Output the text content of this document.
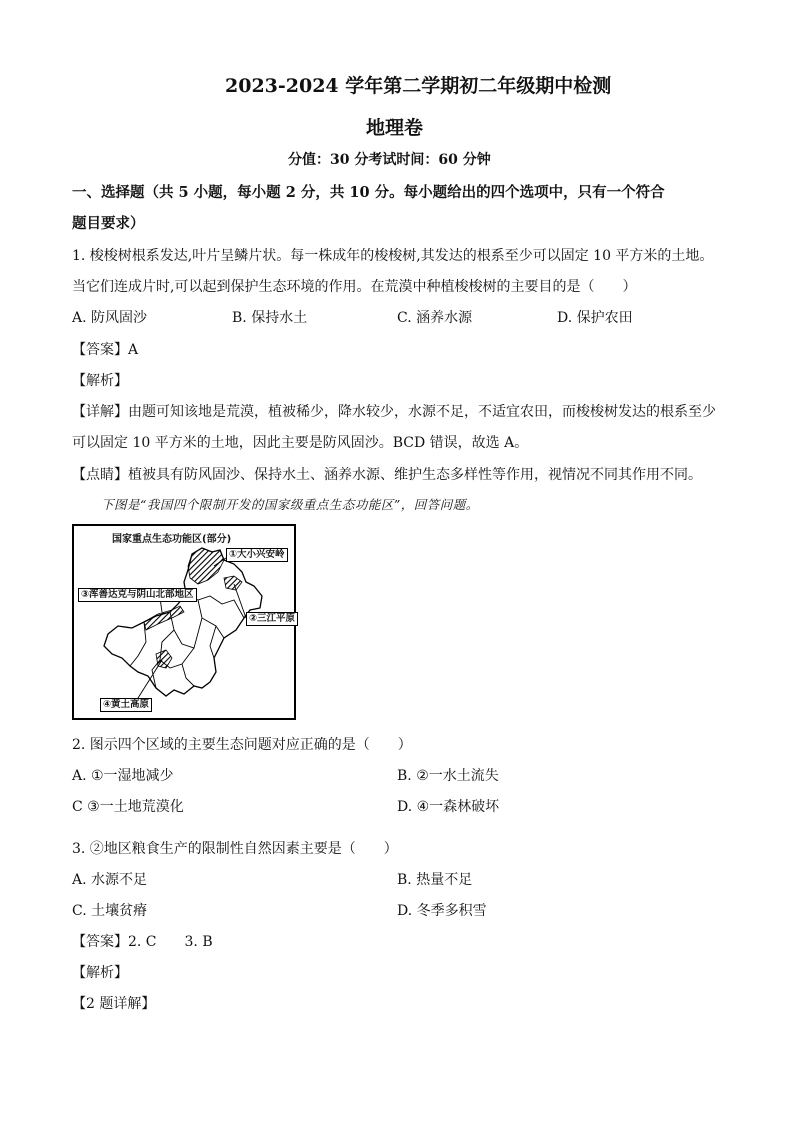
2023-2024 学年第二学期初二年级期中检测
地理卷
分值：30 分考试时间：60 分钟
一、选择题（共 5 小题，每小题 2 分，共 10 分。每小题给出的四个选项中，只有一个符合
题目要求）
1. 梭梭树根系发达,叶片呈鳞片状。每一株成年的梭梭树,其发达的根系至少可以固定 10 平方米的土地。
当它们连成片时,可以起到保护生态环境的作用。在荒漠中种植梭梭树的主要目的是（　　）
A. 防风固沙	B. 保持水土	C. 涵养水源	D. 保护农田
【答案】A
【解析】
【详解】由题可知该地是荒漠，植被稀少，降水较少，水源不足，不适宜农田，而梭梭树发达的根系至少
可以固定 10 平方米的土地，因此主要是防风固沙。BCD 错误，故选 A。
【点睛】植被具有防风固沙、保持水土、涵养水源、维护生态多样性等作用，视情况不同其作用不同。
下图是“我国四个限制开发的国家级重点生态功能区”，回答问题。
国家重点生态功能区(部分)
①大小兴安岭
③浑善达克与阴山北部地区
②三江平原
④黄土高原
2. 图示四个区域的主要生态问题对应正确的是（　　）
A. ①一湿地减少	B. ②一水土流失
C ③一土地荒漠化	D. ④一森林破坏
3. ②地区粮食生产的限制性自然因素主要是（　　）
A. 水源不足	B. 热量不足
C. 土壤贫瘠	D. 冬季多积雪
【答案】2. C　　3. B
【解析】
【2 题详解】
